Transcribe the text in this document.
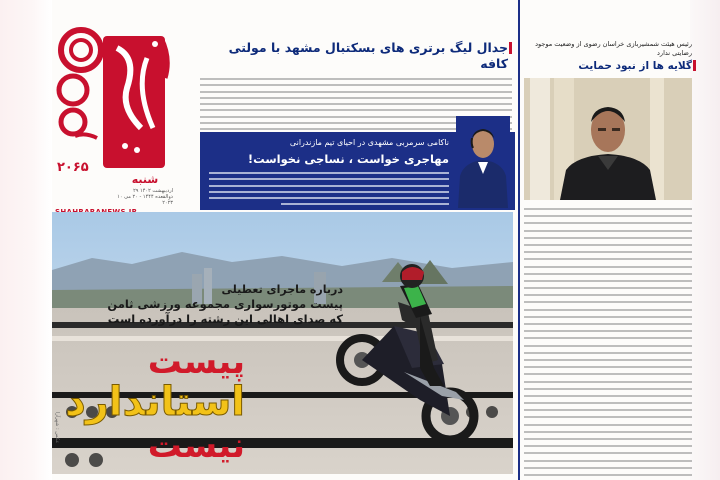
۲۰۶۵
شنبه
۲۹ اردیبهشت ۱۴۰۲
۱۰ ذوالقعده ۱۴۴۴ - ۲۰ می ۲۰۲۳
جدال لیگ برتری های بسکتبال مشهد با مولتی کافه
ناکامی سرمربی مشهدی در احیای تیم مازندرانی
مهاجری خواست ، نساجی نخواست!
درباره ماجرای تعطیلی
پیست موتورسواری مجموعه ورزشی ثامن
که صدای اهالی این رشته را درآورده است
پیست
استاندارد
نیست
عکس : شهرآرا
رئیس هیئت شمشیربازی خراسان رضوی از وضعیت موجود رضایتی ندارد
گلایه ها از نبود حمایت
